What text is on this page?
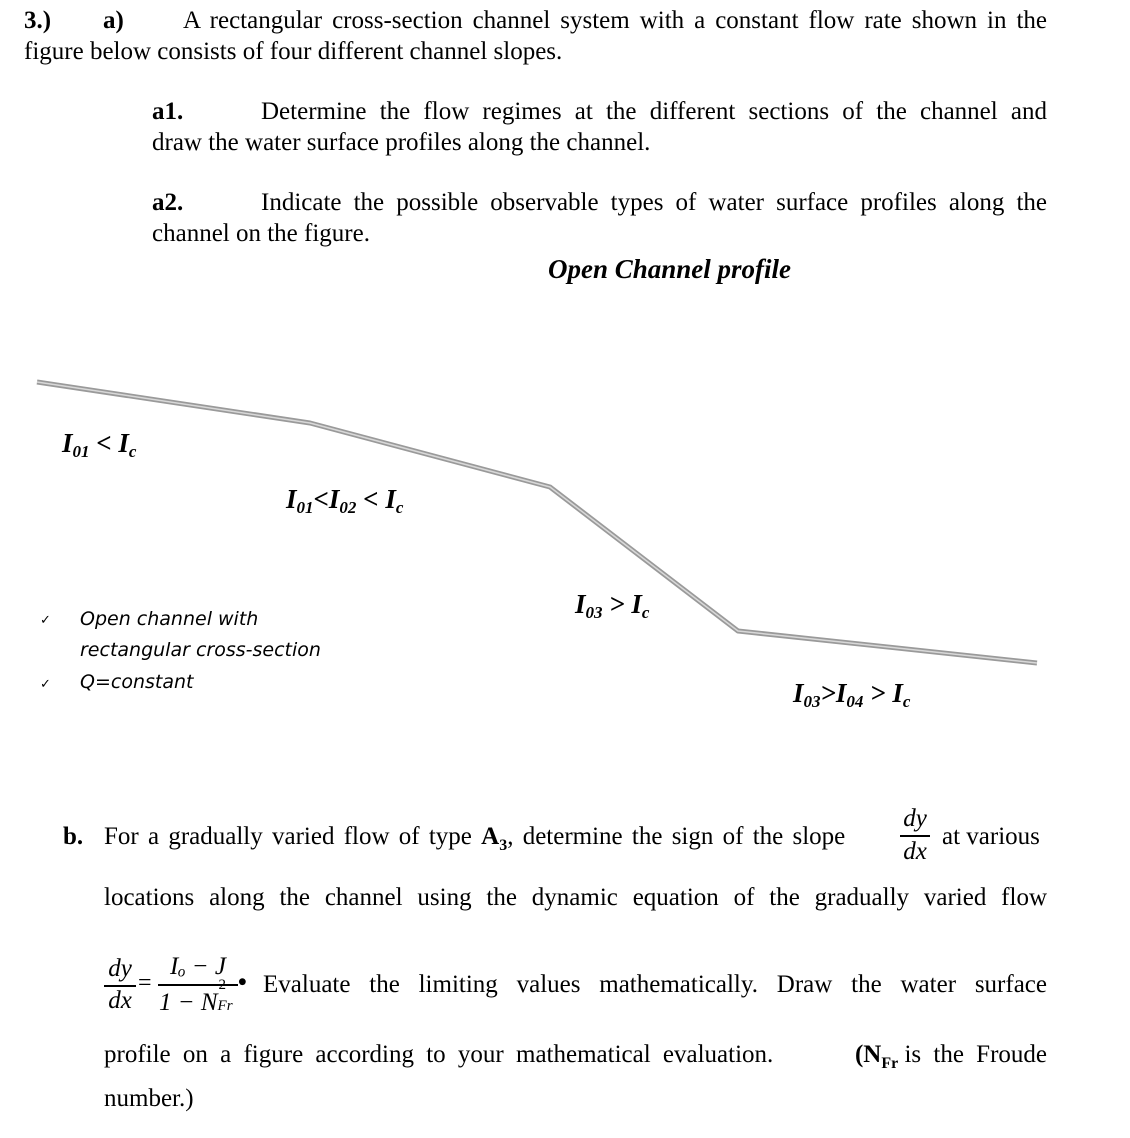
3.) a) A rectangular cross-section channel system with a constant flow rate shown in the
figure below consists of four different channel slopes.
a1.	Determine the flow regimes at the different sections of the channel and
draw the water surface profiles along the channel.
a2.	Indicate the possible observable types of water surface profiles along the
channel on the figure.
Open Channel profile
$I_{01} < I_c$
$I_{01}<I_{02} < I_c$
$I_{03} > I_c$
$I_{03}>I_{04} > I_c$
✓ Open channel with
rectangular cross-section
✓ Q=constant
b. For a gradually varied flow of type $A_3$, determine the sign of the slope
dy
dx
at various
locations along the channel using the dynamic equation of the gradually varied flow
dy
dx
=
Iₒ − J
1 − N
2
Fr
• Evaluate the limiting values mathematically. Draw the water surface
profile on a figure according to your mathematical evaluation.	($N_{Fr}$ is the Froude
number.)
